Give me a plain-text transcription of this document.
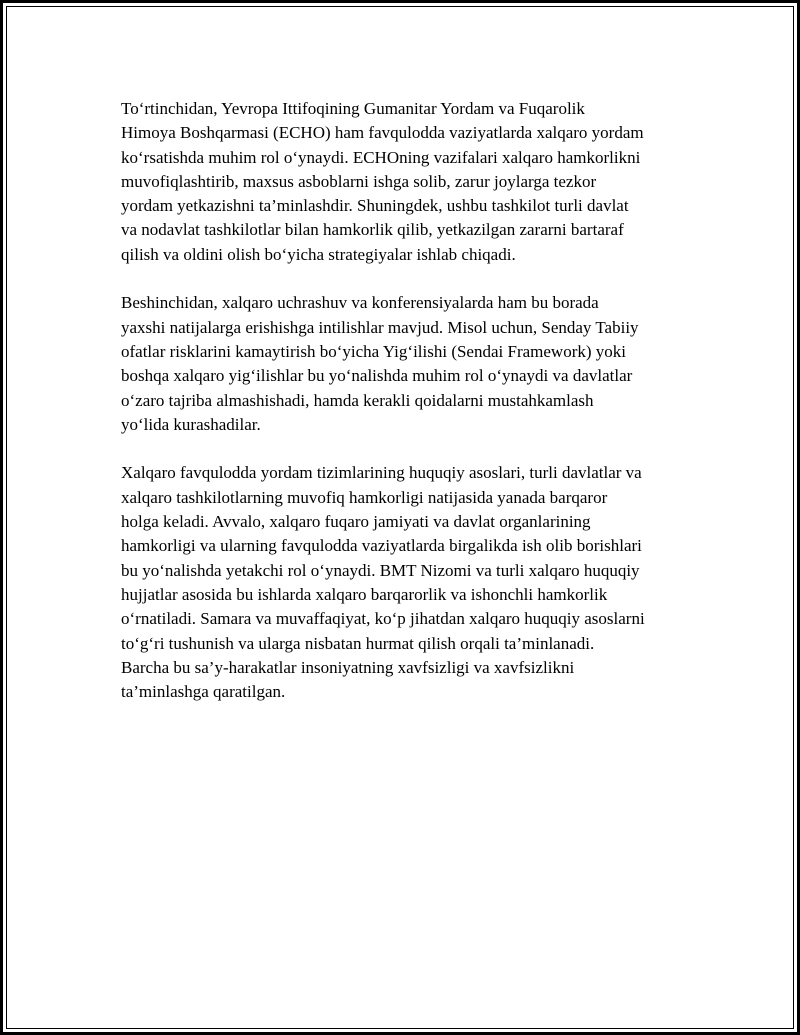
To‘rtinchidan, Yevropa Ittifoqining Gumanitar Yordam va Fuqarolik
Himoya Boshqarmasi (ECHO) ham favqulodda vaziyatlarda xalqaro yordam
ko‘rsatishda muhim rol o‘ynaydi. ECHOning vazifalari xalqaro hamkorlikni
muvofiqlashtirib, maxsus asboblarni ishga solib, zarur joylarga tezkor
yordam yetkazishni ta’minlashdir. Shuningdek, ushbu tashkilot turli davlat
va nodavlat tashkilotlar bilan hamkorlik qilib, yetkazilgan zararni bartaraf
qilish va oldini olish bo‘yicha strategiyalar ishlab chiqadi.

Beshinchidan, xalqaro uchrashuv va konferensiyalarda ham bu borada
yaxshi natijalarga erishishga intilishlar mavjud. Misol uchun, Senday Tabiiy
ofatlar risklarini kamaytirish bo‘yicha Yig‘ilishi (Sendai Framework) yoki
boshqa xalqaro yig‘ilishlar bu yo‘nalishda muhim rol o‘ynaydi va davlatlar
o‘zaro tajriba almashishadi, hamda kerakli qoidalarni mustahkamlash
yo‘lida kurashadilar.

Xalqaro favqulodda yordam tizimlarining huquqiy asoslari, turli davlatlar va
xalqaro tashkilotlarning muvofiq hamkorligi natijasida yanada barqaror
holga keladi. Avvalo, xalqaro fuqaro jamiyati va davlat organlarining
hamkorligi va ularning favqulodda vaziyatlarda birgalikda ish olib borishlari
bu yo‘nalishda yetakchi rol o‘ynaydi. BMT Nizomi va turli xalqaro huquqiy
hujjatlar asosida bu ishlarda xalqaro barqarorlik va ishonchli hamkorlik
o‘rnatiladi. Samara va muvaffaqiyat, ko‘p jihatdan xalqaro huquqiy asoslarni
to‘g‘ri tushunish va ularga nisbatan hurmat qilish orqali ta’minlanadi.
Barcha bu sa’y-harakatlar insoniyatning xavfsizligi va xavfsizlikni
ta’minlashga qaratilgan.
